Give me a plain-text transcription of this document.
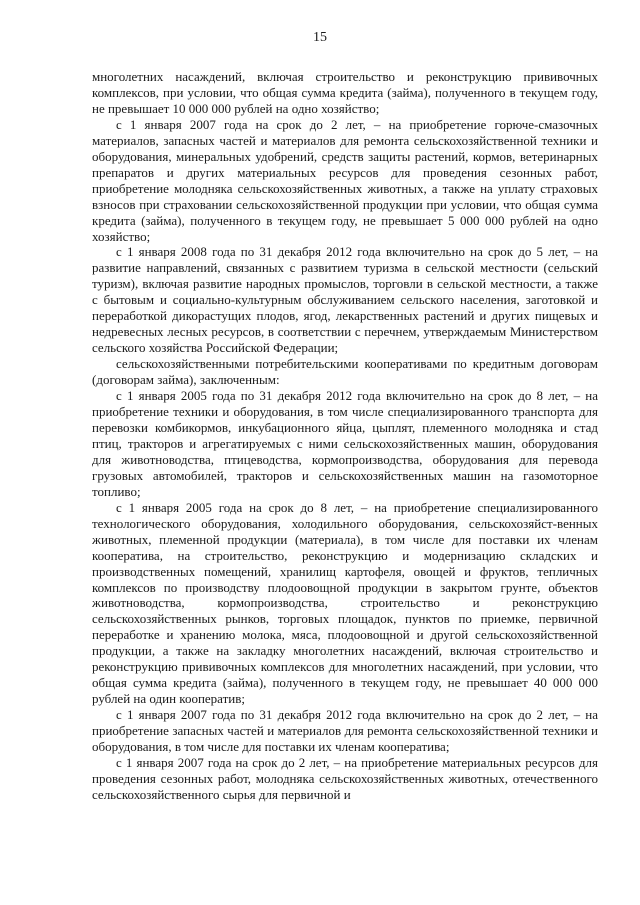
15

многолетних насаждений, включая строительство и реконструкцию прививочных комплексов, при условии, что общая сумма кредита (займа), полученного в текущем году, не превышает 10 000 000 рублей на одно хозяйство;

с 1 января 2007 года на срок до 2 лет, – на приобретение горюче-смазочных материалов, запасных частей и материалов для ремонта сельскохозяйственной техники и оборудования, минеральных удобрений, средств защиты растений, кормов, ветеринарных препаратов и других материальных ресурсов для проведения сезонных работ, приобретение молодняка сельскохозяйственных животных, а также на уплату страховых взносов при страховании сельскохозяйственной продукции при условии, что общая сумма кредита (займа), полученного в текущем году, не превышает 5 000 000 рублей на одно хозяйство;

с 1 января 2008 года по 31 декабря 2012 года включительно на срок до 5 лет, – на развитие направлений, связанных с развитием туризма в сельской местности (сельский туризм), включая развитие народных промыслов, торговли в сельской местности, а также с бытовым и социально-культурным обслуживанием сельского населения, заготовкой и переработкой дикорастущих плодов, ягод, лекарственных растений и других пищевых и недревесных лесных ресурсов, в соответствии с перечнем, утверждаемым Министерством сельского хозяйства Российской Федерации;

сельскохозяйственными потребительскими кооперативами по кредитным договорам (договорам займа), заключенным:

с 1 января 2005 года по 31 декабря 2012 года включительно на срок до 8 лет, – на приобретение техники и оборудования, в том числе специализированного транспорта для перевозки комбикормов, инкубационного яйца, цыплят, племенного молодняка и стад птиц, тракторов и агрегатируемых с ними сельскохозяйственных машин, оборудования для животноводства, птицеводства, кормопроизводства, оборудования для перевода грузовых автомобилей, тракторов и сельскохозяйственных машин на газомоторное топливо;

с 1 января 2005 года на срок до 8 лет, – на приобретение специализированного технологического оборудования, холодильного оборудования, сельскохозяйст-венных животных, племенной продукции (материала), в том числе для поставки их членам кооператива, на строительство, реконструкцию и модернизацию складских и производственных помещений, хранилищ картофеля, овощей и фруктов, тепличных комплексов по производству плодоовощной продукции в закрытом грунте, объектов животноводства, кормопроизводства, строительство и реконструкцию сельскохозяйственных рынков, торговых площадок, пунктов по приемке, первичной переработке и хранению молока, мяса, плодоовощной и другой сельскохозяйственной продукции, а также на закладку многолетних насаждений, включая строительство и реконструкцию прививочных комплексов для многолетних насаждений, при условии, что общая сумма кредита (займа), полученного в текущем году, не превышает 40 000 000 рублей на один кооператив;

с 1 января 2007 года по 31 декабря 2012 года включительно на срок до 2 лет, – на приобретение запасных частей и материалов для ремонта сельскохозяйственной техники и оборудования, в том числе для поставки их членам кооператива;

с 1 января 2007 года на срок до 2 лет, – на приобретение материальных ресурсов для проведения сезонных работ, молодняка сельскохозяйственных животных, отечественного сельскохозяйственного сырья для первичной и
